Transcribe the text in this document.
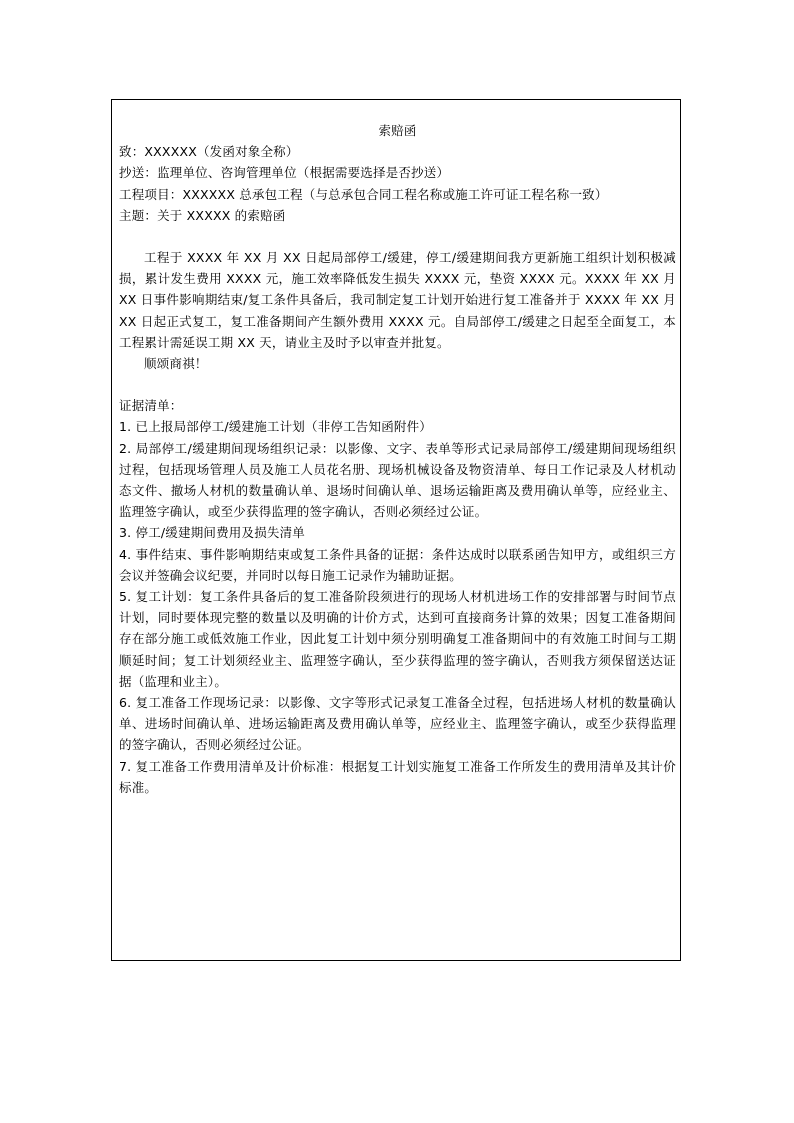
索赔函
致：XXXXXX（发函对象全称）
抄送：监理单位、咨询管理单位（根据需要选择是否抄送）
工程项目：XXXXXX 总承包工程（与总承包合同工程名称或施工许可证工程名称一致）
主题：关于 XXXXX 的索赔函
工程于 XXXX 年 XX 月 XX 日起局部停工/缓建，停工/缓建期间我方更新施工组织计划积极减损，累计发生费用 XXXX 元，施工效率降低发生损失 XXXX 元，垫资 XXXX 元。XXXX 年 XX 月 XX 日事件影响期结束/复工条件具备后，我司制定复工计划开始进行复工准备并于 XXXX 年 XX 月 XX 日起正式复工，复工准备期间产生额外费用 XXXX 元。自局部停工/缓建之日起至全面复工，本工程累计需延误工期 XX 天，请业主及时予以审查并批复。
顺颂商祺！
证据清单：
1. 已上报局部停工/缓建施工计划（非停工告知函附件）
2. 局部停工/缓建期间现场组织记录：以影像、文字、表单等形式记录局部停工/缓建期间现场组织过程，包括现场管理人员及施工人员花名册、现场机械设备及物资清单、每日工作记录及人材机动态文件、撤场人材机的数量确认单、退场时间确认单、退场运输距离及费用确认单等，应经业主、监理签字确认，或至少获得监理的签字确认，否则必须经过公证。
3. 停工/缓建期间费用及损失清单
4. 事件结束、事件影响期结束或复工条件具备的证据：条件达成时以联系函告知甲方，或组织三方会议并签确会议纪要，并同时以每日施工记录作为辅助证据。
5. 复工计划：复工条件具备后的复工准备阶段须进行的现场人材机进场工作的安排部署与时间节点计划，同时要体现完整的数量以及明确的计价方式，达到可直接商务计算的效果；因复工准备期间存在部分施工或低效施工作业，因此复工计划中须分别明确复工准备期间中的有效施工时间与工期顺延时间；复工计划须经业主、监理签字确认，至少获得监理的签字确认，否则我方须保留送达证据（监理和业主）。
6. 复工准备工作现场记录：以影像、文字等形式记录复工准备全过程，包括进场人材机的数量确认单、进场时间确认单、进场运输距离及费用确认单等，应经业主、监理签字确认，或至少获得监理的签字确认，否则必须经过公证。
7. 复工准备工作费用清单及计价标准：根据复工计划实施复工准备工作所发生的费用清单及其计价标准。
